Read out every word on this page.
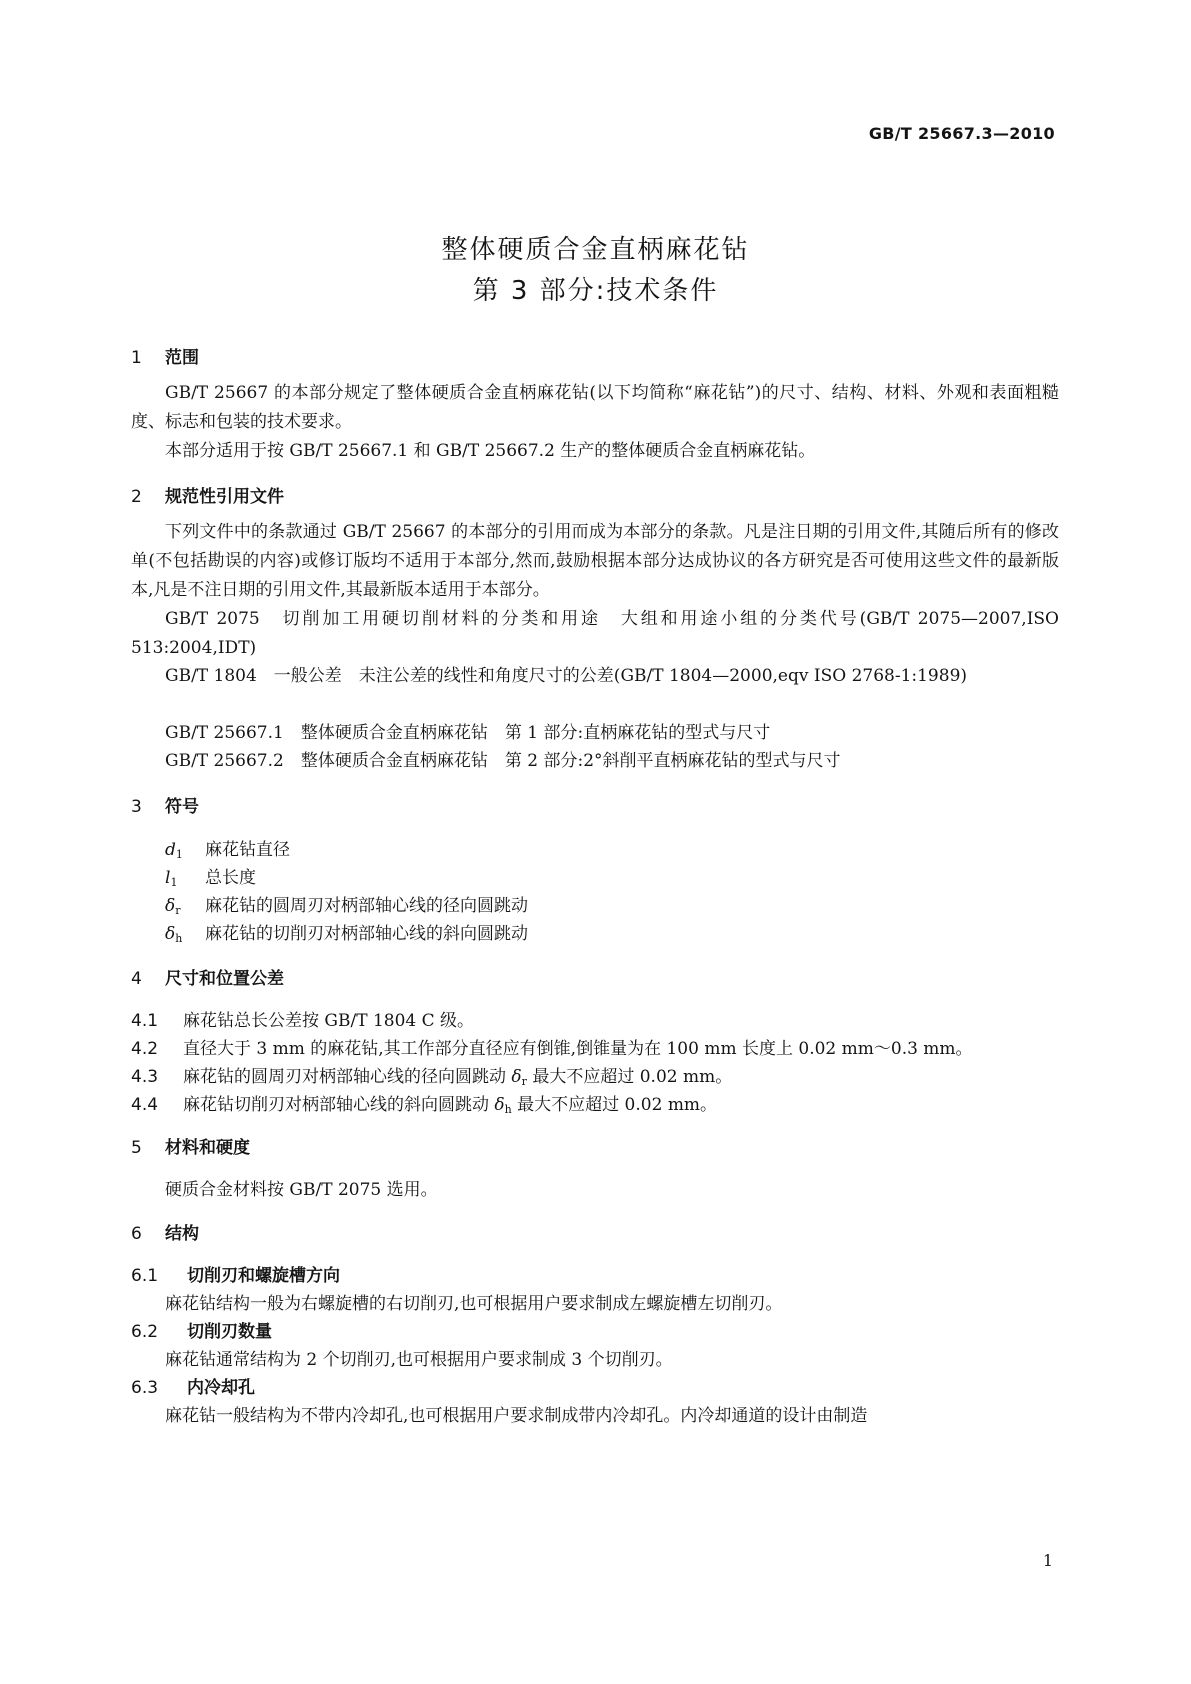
GB/T 25667.3—2010
整体硬质合金直柄麻花钻
第 3 部分:技术条件
1 范围

GB/T 25667 的本部分规定了整体硬质合金直柄麻花钻(以下均简称“麻花钻”)的尺寸、结构、材料、外观和表面粗糙度、标志和包装的技术要求。

本部分适用于按 GB/T 25667.1 和 GB/T 25667.2 生产的整体硬质合金直柄麻花钻。

2 规范性引用文件

下列文件中的条款通过 GB/T 25667 的本部分的引用而成为本部分的条款。凡是注日期的引用文件,其随后所有的修改单(不包括勘误的内容)或修订版均不适用于本部分,然而,鼓励根据本部分达成协议的各方研究是否可使用这些文件的最新版本,凡是不注日期的引用文件,其最新版本适用于本部分。

GB/T 2075　切削加工用硬切削材料的分类和用途　大组和用途小组的分类代号(GB/T 2075—2007,ISO 513:2004,IDT)

GB/T 1804　一般公差　未注公差的线性和角度尺寸的公差(GB/T 1804—2000,eqv ISO 2768-1:1989)

GB/T 25667.1　整体硬质合金直柄麻花钻　第 1 部分:直柄麻花钻的型式与尺寸

GB/T 25667.2　整体硬质合金直柄麻花钻　第 2 部分:2°斜削平直柄麻花钻的型式与尺寸

3 符号
$d_1$ 麻花钻直径
$l_1$ 总长度
$\delta_r$ 麻花钻的圆周刃对柄部轴心线的径向圆跳动
$\delta_h$ 麻花钻的切削刃对柄部轴心线的斜向圆跳动
4 尺寸和位置公差
4.1 麻花钻总长公差按 GB/T 1804 C 级。
4.2 直径大于 3 mm 的麻花钻,其工作部分直径应有倒锥,倒锥量为在 100 mm 长度上 0.02 mm～0.3 mm。
4.3 麻花钻的圆周刃对柄部轴心线的径向圆跳动 δr 最大不应超过 0.02 mm。
4.4 麻花钻切削刃对柄部轴心线的斜向圆跳动 δh 最大不应超过 0.02 mm。
5 材料和硬度
硬质合金材料按 GB/T 2075 选用。
6 结构
6.1 切削刃和螺旋槽方向
麻花钻结构一般为右螺旋槽的右切削刃,也可根据用户要求制成左螺旋槽左切削刃。
6.2 切削刃数量
麻花钻通常结构为 2 个切削刃,也可根据用户要求制成 3 个切削刃。
6.3 内冷却孔
麻花钻一般结构为不带内冷却孔,也可根据用户要求制成带内冷却孔。内冷却通道的设计由制造
1
